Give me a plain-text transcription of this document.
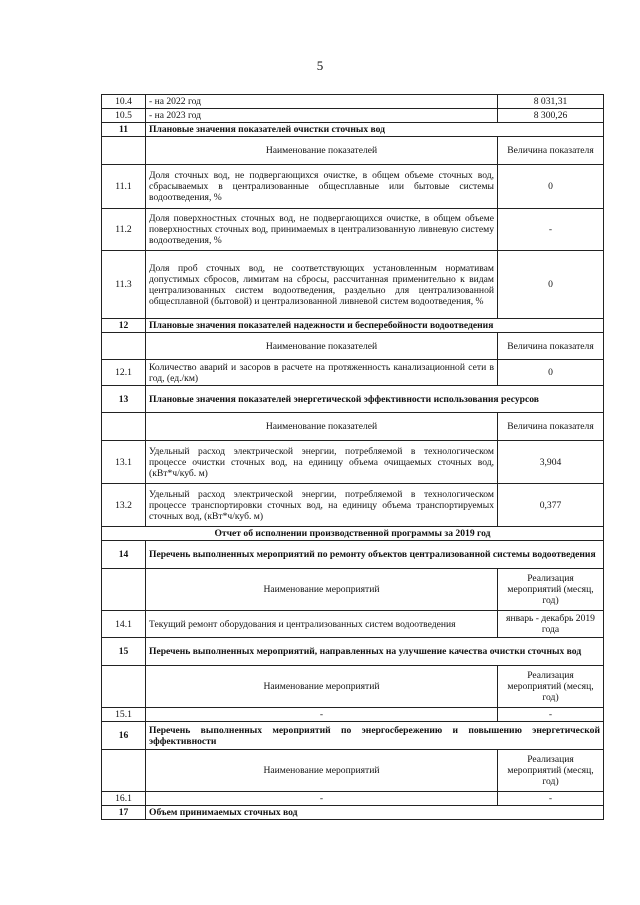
5
10.4	- на 2022 год	8 031,31
10.5	- на 2023 год	8 300,26
11	Плановые значения показателей очистки сточных вод	
	Наименование показателей	Величина показателя
11.1	Доля сточных вод, не подвергающихся очистке, в общем объеме сточных вод, сбрасываемых в централизованные общесплавные или бытовые системы водоотведения, %	0
11.2	Доля поверхностных сточных вод, не подвергающихся очистке, в общем объеме поверхностных сточных вод, принимаемых в централизованную ливневую систему водоотведения, %	-
11.3	Доля проб сточных вод, не соответствующих установленным нормативам допустимых сбросов, лимитам на сбросы, рассчитанная применительно к видам централизованных систем водоотведения, раздельно для централизованной общесплавной (бытовой) и централизованной ливневой систем водоотведения, %	0
12	Плановые значения показателей надежности и бесперебойности водоотведения	
	Наименование показателей	Величина показателя
12.1	Количество аварий и засоров в расчете на протяженность канализационной сети в год, (ед./км)	0
13	Плановые значения показателей энергетической эффективности использования ресурсов	
	Наименование показателей	Величина показателя
13.1	Удельный расход электрической энергии, потребляемой в технологическом процессе очистки сточных вод, на единицу объема очищаемых сточных вод, (кВт*ч/куб. м)	3,904
13.2	Удельный расход электрической энергии, потребляемой в технологическом процессе транспортировки сточных вод, на единицу объема транспортируемых сточных вод, (кВт*ч/куб. м)	0,377
Отчет об исполнении производственной программы за 2019 год		
14	Перечень выполненных мероприятий по ремонту объектов централизованной системы водоотведения	
	Наименование мероприятий	Реализация мероприятий (месяц, год)
14.1	Текущий ремонт оборудования и централизованных систем водоотведения	январь - декабрь 2019 года
15	Перечень выполненных мероприятий, направленных на улучшение качества очистки сточных вод	
	Наименование мероприятий	Реализация мероприятий (месяц, год)
15.1	-	-
16	Перечень выполненных мероприятий по энергосбережению и повышению энергетической эффективности	
	Наименование мероприятий	Реализация мероприятий (месяц, год)
16.1	-	-
17	Объем принимаемых сточных вод	
